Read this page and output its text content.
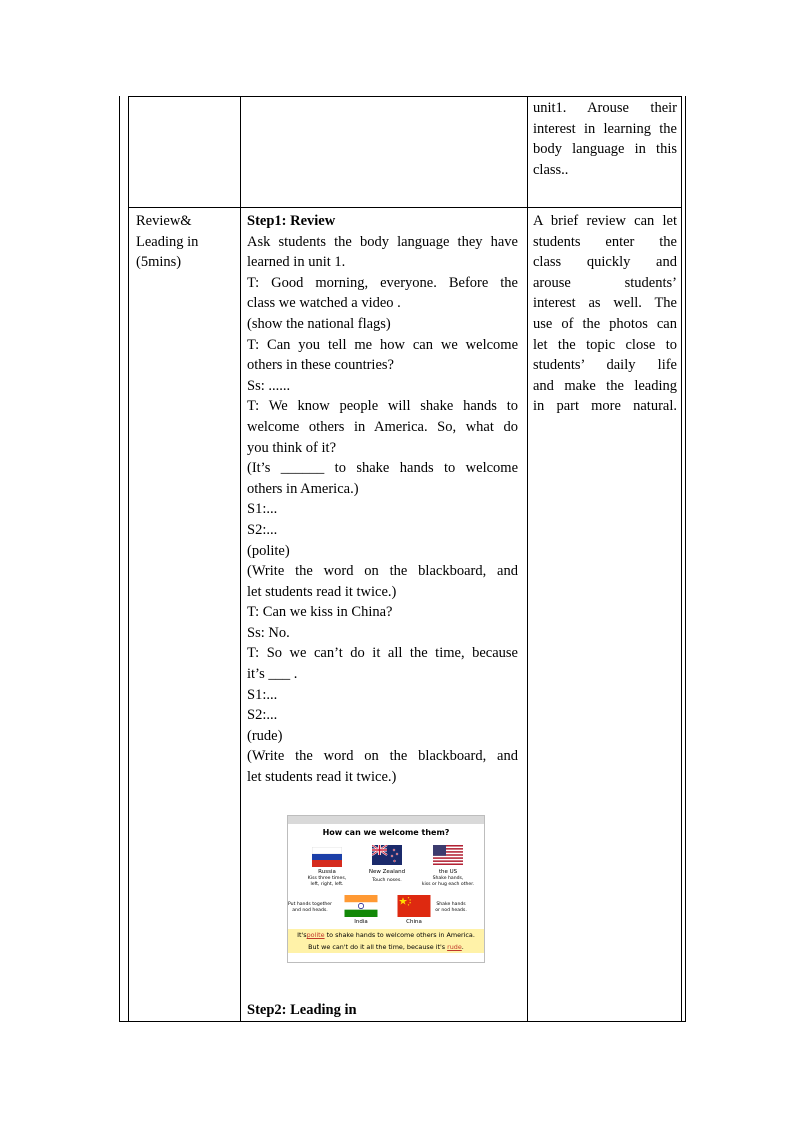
unit1. Arouse their

interest in learning the

body language in this

class..

Review&

Leading in

(5mins)

Step1: Review

Ask students the body language they have

learned in unit 1.

T: Good morning, everyone. Before the

class we watched a video .

(show the national flags)

T: Can you tell me how can we welcome

others in these countries?

Ss: ......

T: We know people will shake hands to

welcome others in America. So, what do

you think of it?

(It’s ______ to shake hands to welcome

others in America.)

S1:...

S2:...

(polite)

(Write the word on the blackboard, and

let students read it twice.)

T: Can we kiss in China?

Ss: No.

T: So we can’t do it all the time, because

it’s ___ .

S1:...

S2:...

(rude)

(Write the word on the blackboard, and

let students read it twice.)

Step2: Leading in

A brief review can let

students enter the

class quickly and

arouse students’

interest as well. The

use of the photos can

let the topic close to

students’ daily life

and make the leading

in part more natural.

How can we welcome them?
Russia
Kiss three times,
left, right, left.
New Zealand
Touch noses.
the US
Shake hands,
kiss or hug each other.
Put hands together
and nod heads.
India
Shake hands
or nod heads.
China
It'spolite to shake hands to welcome others in America.
But we can't do it all the time, because it's rude.
